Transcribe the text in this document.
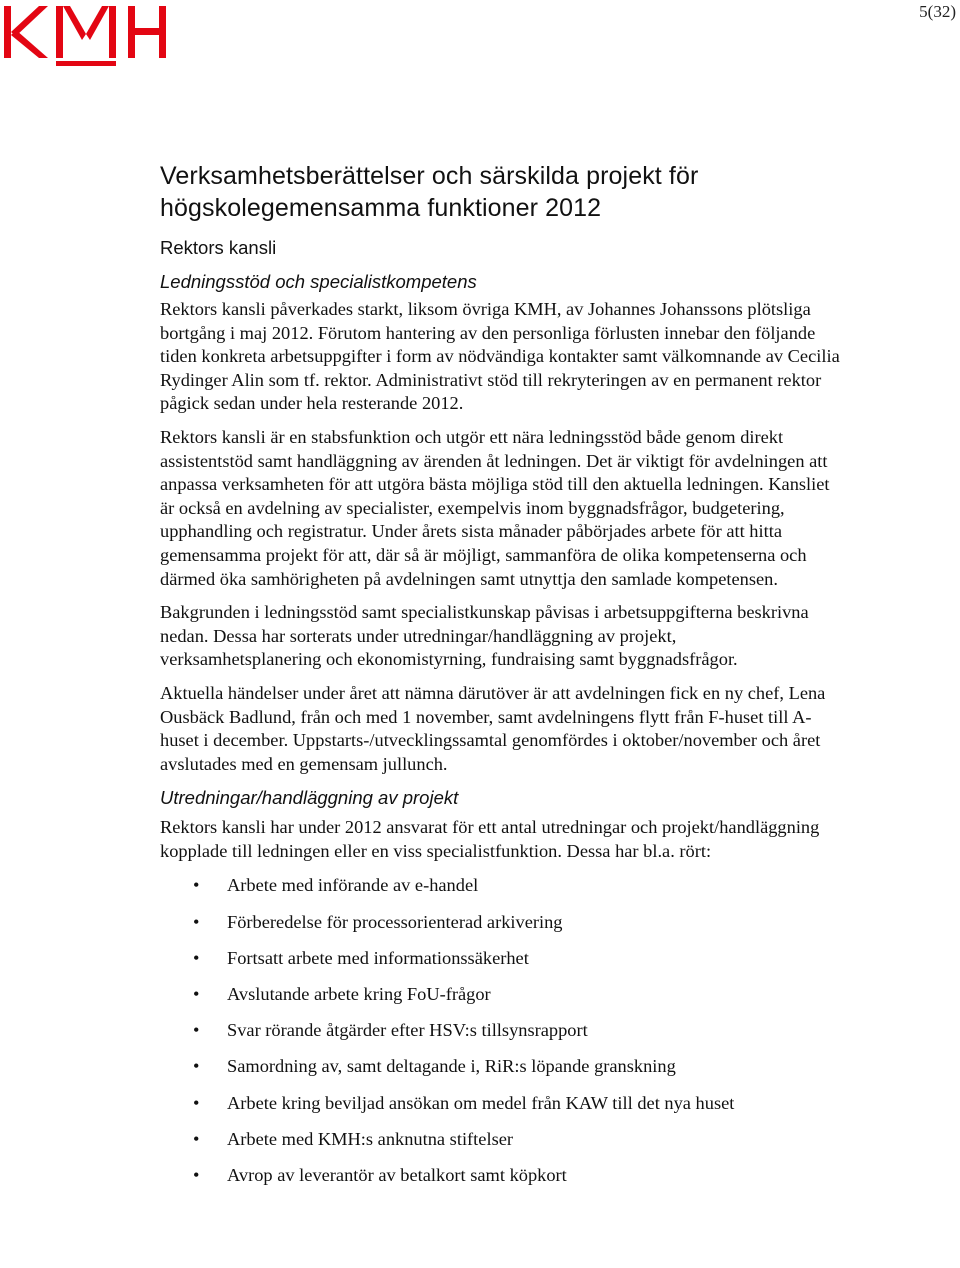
5(32)
Verksamhetsberättelser och särskilda projekt för
högskolegemensamma funktioner 2012
Rektors kansli
Ledningsstöd och specialistkompetens

Rektors kansli påverkades starkt, liksom övriga KMH, av Johannes Johanssons plötsliga bortgång i maj 2012. Förutom hantering av den personliga förlusten innebar den följande tiden konkreta arbetsuppgifter i form av nödvändiga kontakter samt välkomnande av Cecilia Rydinger Alin som tf. rektor. Administrativt stöd till rekryteringen av en permanent rektor pågick sedan under hela resterande 2012.

Rektors kansli är en stabsfunktion och utgör ett nära ledningsstöd både genom direkt assistentstöd samt handläggning av ärenden åt ledningen. Det är viktigt för avdelningen att anpassa verksamheten för att utgöra bästa möjliga stöd till den aktuella ledningen. Kansliet är också en avdelning av specialister, exempelvis inom byggnadsfrågor, budgetering, upphandling och registratur. Under årets sista månader påbörjades arbete för att hitta gemensamma projekt för att, där så är möjligt, sammanföra de olika kompetenserna och därmed öka samhörigheten på avdelningen samt utnyttja den samlade kompetensen.

Bakgrunden i ledningsstöd samt specialistkunskap påvisas i arbetsuppgifterna beskrivna nedan. Dessa har sorterats under utredningar/handläggning av projekt, verksamhetsplanering och ekonomistyrning, fundraising samt byggnadsfrågor.

Aktuella händelser under året att nämna därutöver är att avdelningen fick en ny chef, Lena Ousbäck Badlund, från och med 1 november, samt avdelningens flytt från F-huset till A-huset i december. Uppstarts-/utvecklingssamtal genomfördes i oktober/november och året avslutades med en gemensam jullunch.

Utredningar/handläggning av projekt

Rektors kansli har under 2012 ansvarat för ett antal utredningar och projekt/handläggning kopplade till ledningen eller en viss specialistfunktion. Dessa har bl.a. rört:

• Arbete med införande av e-handel
• Förberedelse för processorienterad arkivering
• Fortsatt arbete med informationssäkerhet
• Avslutande arbete kring FoU-frågor
• Svar rörande åtgärder efter HSV:s tillsynsrapport
• Samordning av, samt deltagande i, RiR:s löpande granskning
• Arbete kring beviljad ansökan om medel från KAW till det nya huset
• Arbete med KMH:s anknutna stiftelser
• Avrop av leverantör av betalkort samt köpkort
